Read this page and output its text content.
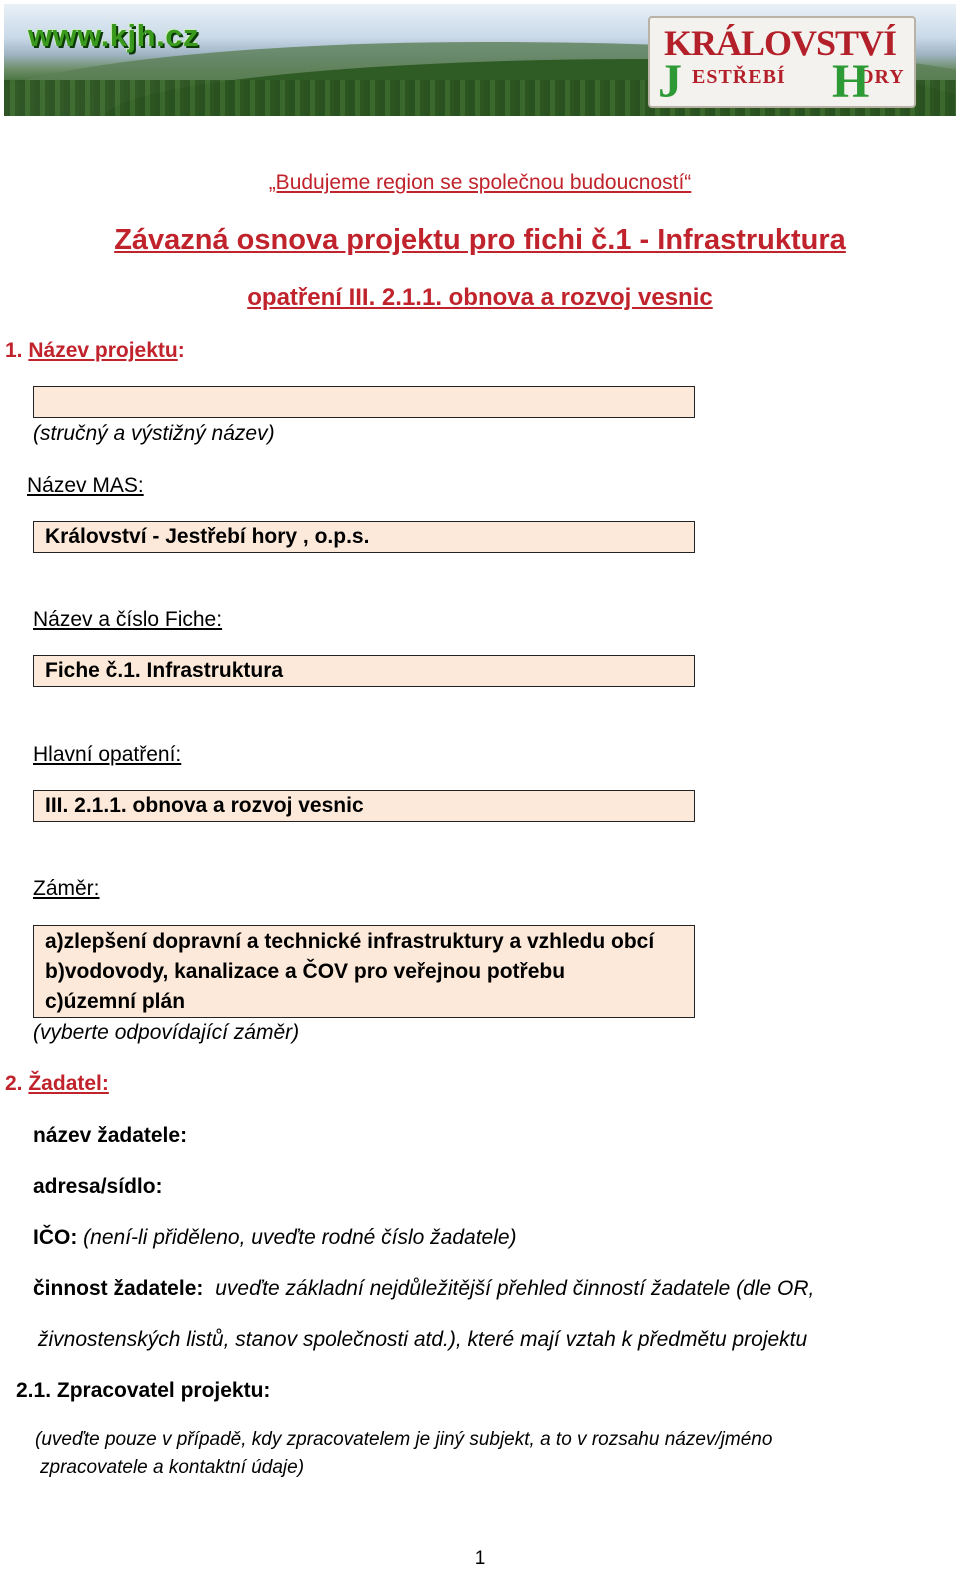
www.kjh.cz	KRÁLOVSTVÍ
J ESTŘEBÍ	ORY
H
„Budujeme region se společnou budoucností“
Závazná osnova projektu pro fichi č.1 - Infrastruktura
opatření III. 2.1.1. obnova a rozvoj vesnic
1. Název projektu:
(stručný a výstižný název)
Název MAS:
Království - Jestřebí hory , o.p.s.
Název a číslo Fiche:
Fiche č.1. Infrastruktura
Hlavní opatření:
III. 2.1.1. obnova a rozvoj vesnic
Záměr:
a)zlepšení dopravní a technické infrastruktury a vzhledu obcí
b)vodovody, kanalizace a ČOV pro veřejnou potřebu
c)územní plán
(vyberte odpovídající záměr)
2. Žadatel:
název žadatele:
adresa/sídlo:
IČO: (není-li přiděleno, uveďte rodné číslo žadatele)
činnost žadatele: uveďte základní nejdůležitější přehled činností žadatele (dle OR,
živnostenských listů, stanov společnosti atd.), které mají vztah k předmětu projektu
2.1. Zpracovatel projektu:
(uveďte pouze v případě, kdy zpracovatelem je jiný subjekt, a to v rozsahu název/jméno
zpracovatele a kontaktní údaje)
1
